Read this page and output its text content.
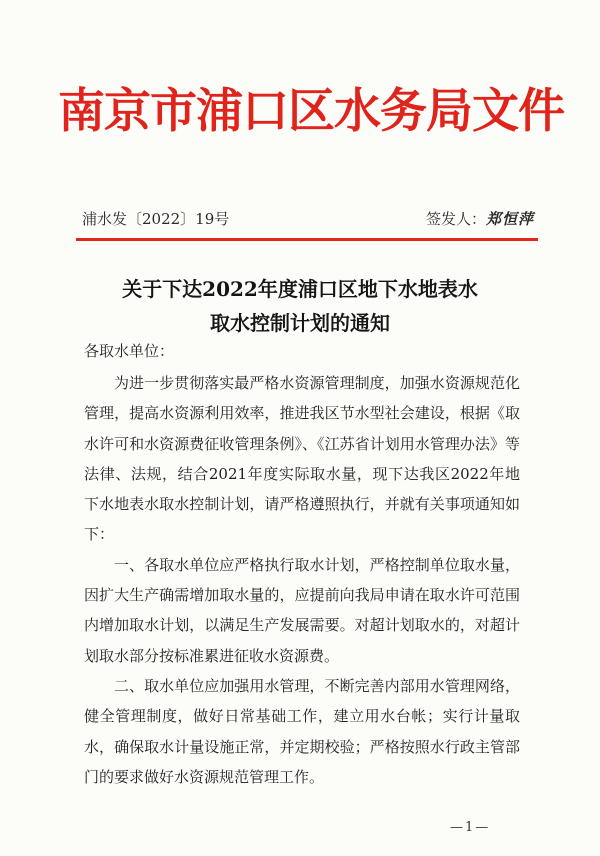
南京市浦口区水务局文件
浦水发〔2022〕19号	签发人：郑恒萍
关于下达2022年度浦口区地下水地表水
取水控制计划的通知
各取水单位：

为进一步贯彻落实最严格水资源管理制度，加强水资源规范化管理，提高水资源利用效率，推进我区节水型社会建设，根据《取水许可和水资源费征收管理条例》、《江苏省计划用水管理办法》等法律、法规，结合2021年度实际取水量，现下达我区2022年地下水地表水取水控制计划，请严格遵照执行，并就有关事项通知如下：

一、各取水单位应严格执行取水计划，严格控制单位取水量，因扩大生产确需增加取水量的，应提前向我局申请在取水许可范围内增加取水计划，以满足生产发展需要。对超计划取水的，对超计划取水部分按标准累进征收水资源费。

二、取水单位应加强用水管理，不断完善内部用水管理网络，健全管理制度，做好日常基础工作，建立用水台帐；实行计量取水，确保取水计量设施正常，并定期校验；严格按照水行政主管部门的要求做好水资源规范管理工作。

—1—
